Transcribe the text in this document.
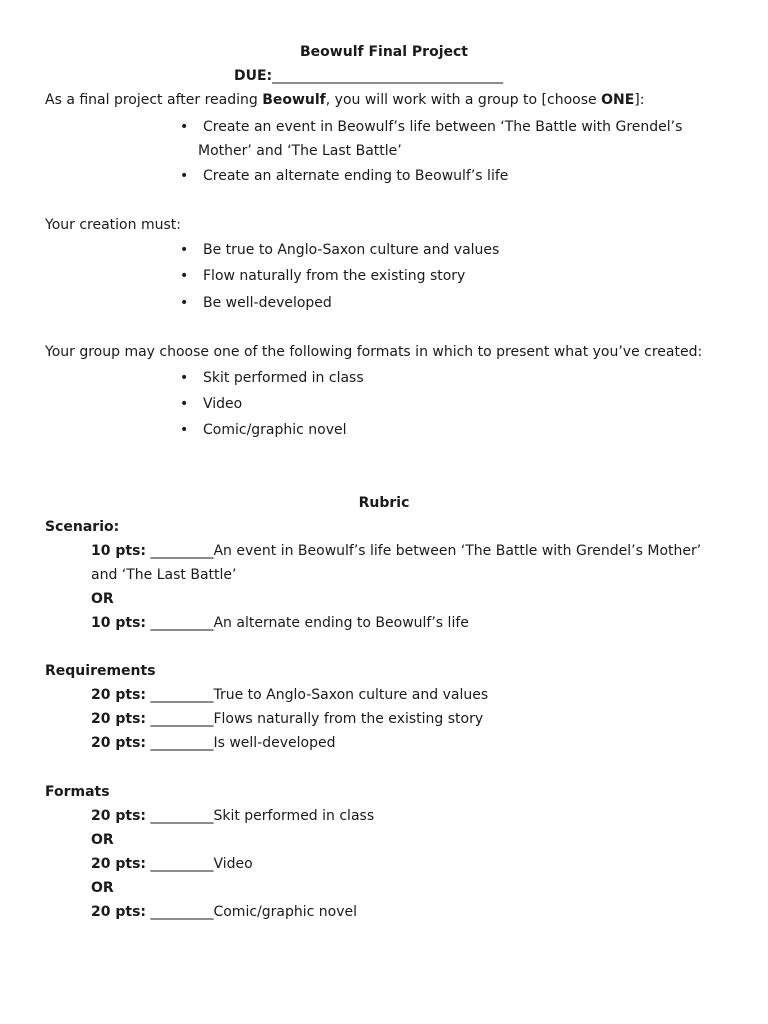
Beowulf Final Project
DUE:_________________________________
As a final project after reading Beowulf, you will work with a group to [choose ONE]:
• Create an event in Beowulf’s life between ‘The Battle with Grendel’s
Mother’ and ‘The Last Battle’
• Create an alternate ending to Beowulf’s life
Your creation must:
• Be true to Anglo-Saxon culture and values
• Flow naturally from the existing story
• Be well-developed
Your group may choose one of the following formats in which to present what you’ve created:
• Skit performed in class
• Video
• Comic/graphic novel
Rubric
Scenario:
10 pts: _________An event in Beowulf’s life between ‘The Battle with Grendel’s Mother’
and ‘The Last Battle’
OR
10 pts: _________An alternate ending to Beowulf’s life
Requirements
20 pts: _________True to Anglo-Saxon culture and values
20 pts: _________Flows naturally from the existing story
20 pts: _________Is well-developed
Formats
20 pts: _________Skit performed in class
OR
20 pts: _________Video
OR
20 pts: _________Comic/graphic novel
